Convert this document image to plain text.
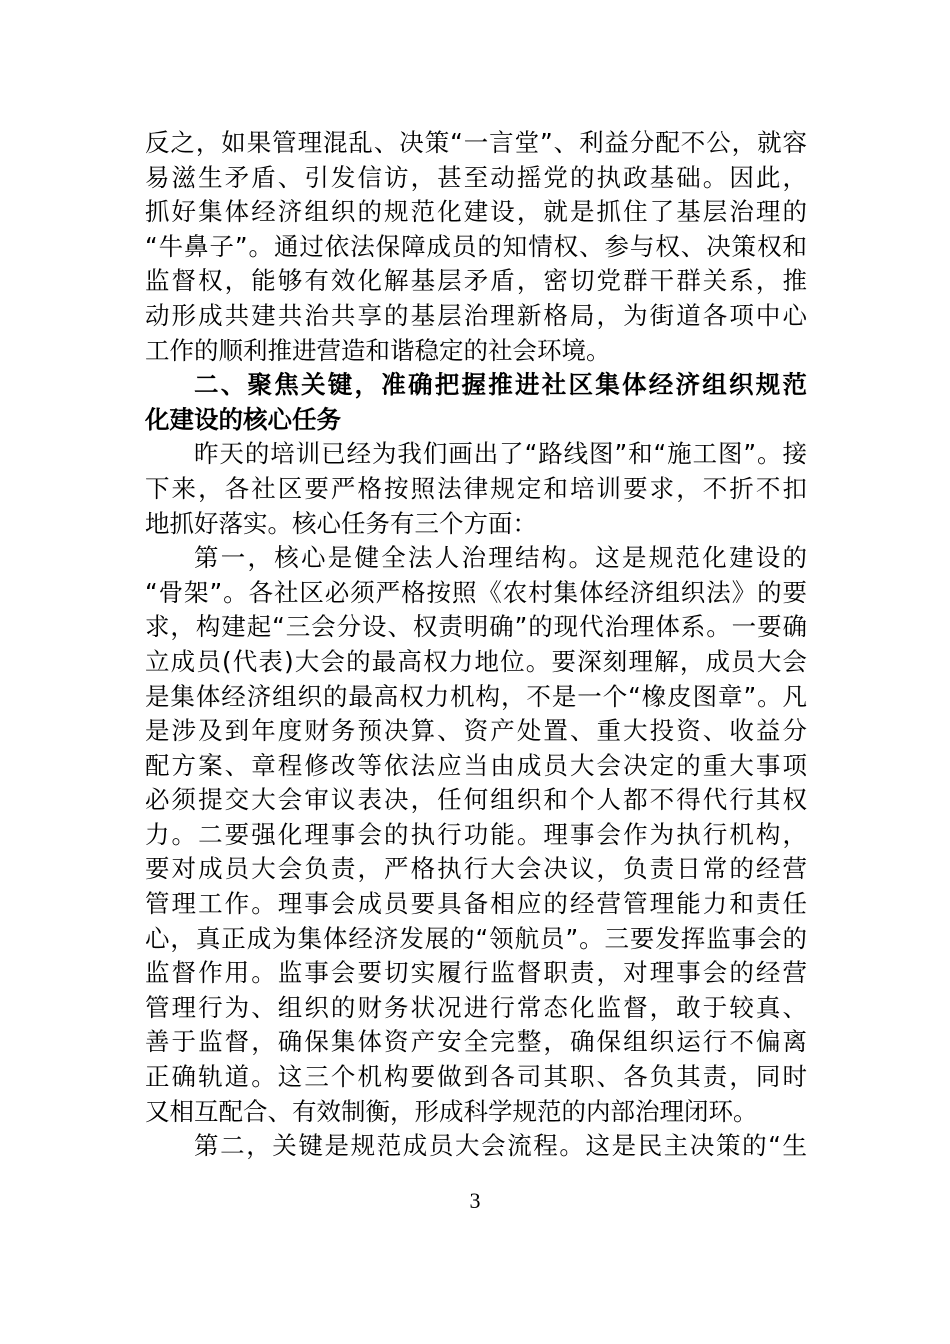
反之，如果管理混乱、决策“一言堂”、利益分配不公，就容
易滋生矛盾、引发信访，甚至动摇党的执政基础。因此，
抓好集体经济组织的规范化建设，就是抓住了基层治理的
“牛鼻子”。通过依法保障成员的知情权、参与权、决策权和
监督权，能够有效化解基层矛盾，密切党群干群关系，推
动形成共建共治共享的基层治理新格局，为街道各项中心
工作的顺利推进营造和谐稳定的社会环境。
二、聚焦关键，准确把握推进社区集体经济组织规范
化建设的核心任务
昨天的培训已经为我们画出了“路线图”和“施工图”。接
下来，各社区要严格按照法律规定和培训要求，不折不扣
地抓好落实。核心任务有三个方面：
第一，核心是健全法人治理结构。这是规范化建设的
“骨架”。各社区必须严格按照《农村集体经济组织法》的要
求，构建起“三会分设、权责明确”的现代治理体系。一要确
立成员(代表)大会的最高权力地位。要深刻理解，成员大会
是集体经济组织的最高权力机构，不是一个“橡皮图章”。凡
是涉及到年度财务预决算、资产处置、重大投资、收益分
配方案、章程修改等依法应当由成员大会决定的重大事项
必须提交大会审议表决，任何组织和个人都不得代行其权
力。二要强化理事会的执行功能。理事会作为执行机构，
要对成员大会负责，严格执行大会决议，负责日常的经营
管理工作。理事会成员要具备相应的经营管理能力和责任
心，真正成为集体经济发展的“领航员”。三要发挥监事会的
监督作用。监事会要切实履行监督职责，对理事会的经营
管理行为、组织的财务状况进行常态化监督，敢于较真、
善于监督，确保集体资产安全完整，确保组织运行不偏离
正确轨道。这三个机构要做到各司其职、各负其责，同时
又相互配合、有效制衡，形成科学规范的内部治理闭环。
第二，关键是规范成员大会流程。这是民主决策的“生
3
